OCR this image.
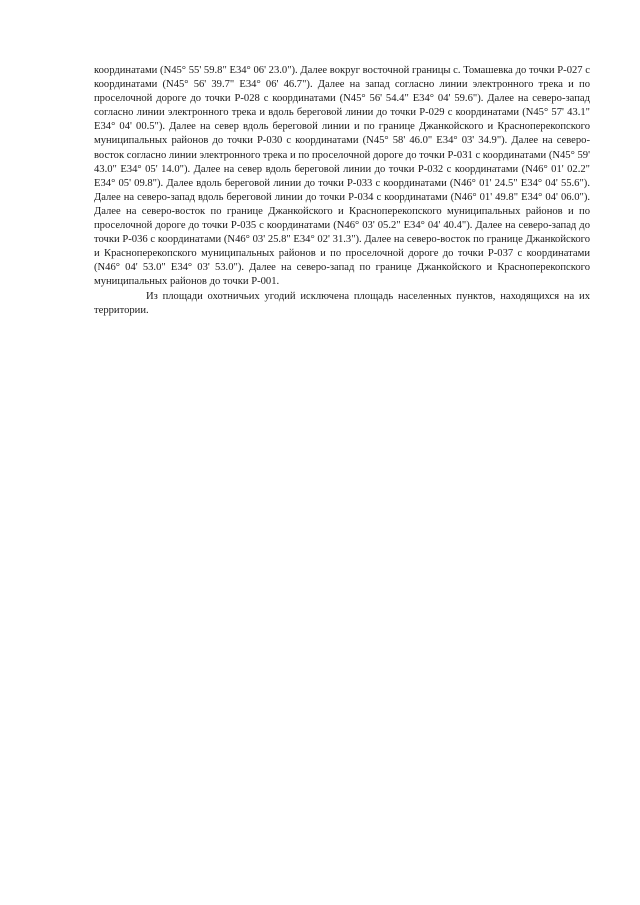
координатами (N45° 55' 59.8" E34° 06' 23.0"). Далее вокруг восточной границы с. Томашевка до точки Р-027 с координатами (N45° 56' 39.7" E34° 06' 46.7"). Далее на запад согласно линии электронного трека и по проселочной дороге до точки Р-028 с координатами (N45° 56' 54.4" E34° 04' 59.6"). Далее на северо-запад согласно линии электронного трека и вдоль береговой линии до точки Р-029 с координатами (N45° 57' 43.1" E34° 04' 00.5"). Далее на север вдоль береговой линии и по границе Джанкойского и Красноперекопского муниципальных районов до точки Р-030 с координатами (N45° 58' 46.0" E34° 03' 34.9"). Далее на северо-восток согласно линии электронного трека и по проселочной дороге до точки Р-031 с координатами (N45° 59' 43.0" E34° 05' 14.0"). Далее на север вдоль береговой линии до точки Р-032 с координатами (N46° 01' 02.2" E34° 05' 09.8"). Далее вдоль береговой линии до точки Р-033 с координатами (N46° 01' 24.5" E34° 04' 55.6"). Далее на северо-запад вдоль береговой линии до точки Р-034 с координатами (N46° 01' 49.8" E34° 04' 06.0"). Далее на северо-восток по границе Джанкойского и Красноперекопского муниципальных районов и по проселочной дороге до точки Р-035 с координатами (N46° 03' 05.2" E34° 04' 40.4"). Далее на северо-запад до точки Р-036 с координатами (N46° 03' 25.8" E34° 02' 31.3"). Далее на северо-восток по границе Джанкойского и Красноперекопского муниципальных районов и по проселочной дороге до точки Р-037 с координатами (N46° 04' 53.0" E34° 03' 53.0"). Далее на северо-запад по границе Джанкойского и Красноперекопского муниципальных районов до точки Р-001.

Из площади охотничьих угодий исключена площадь населенных пунктов, находящихся на их территории.
